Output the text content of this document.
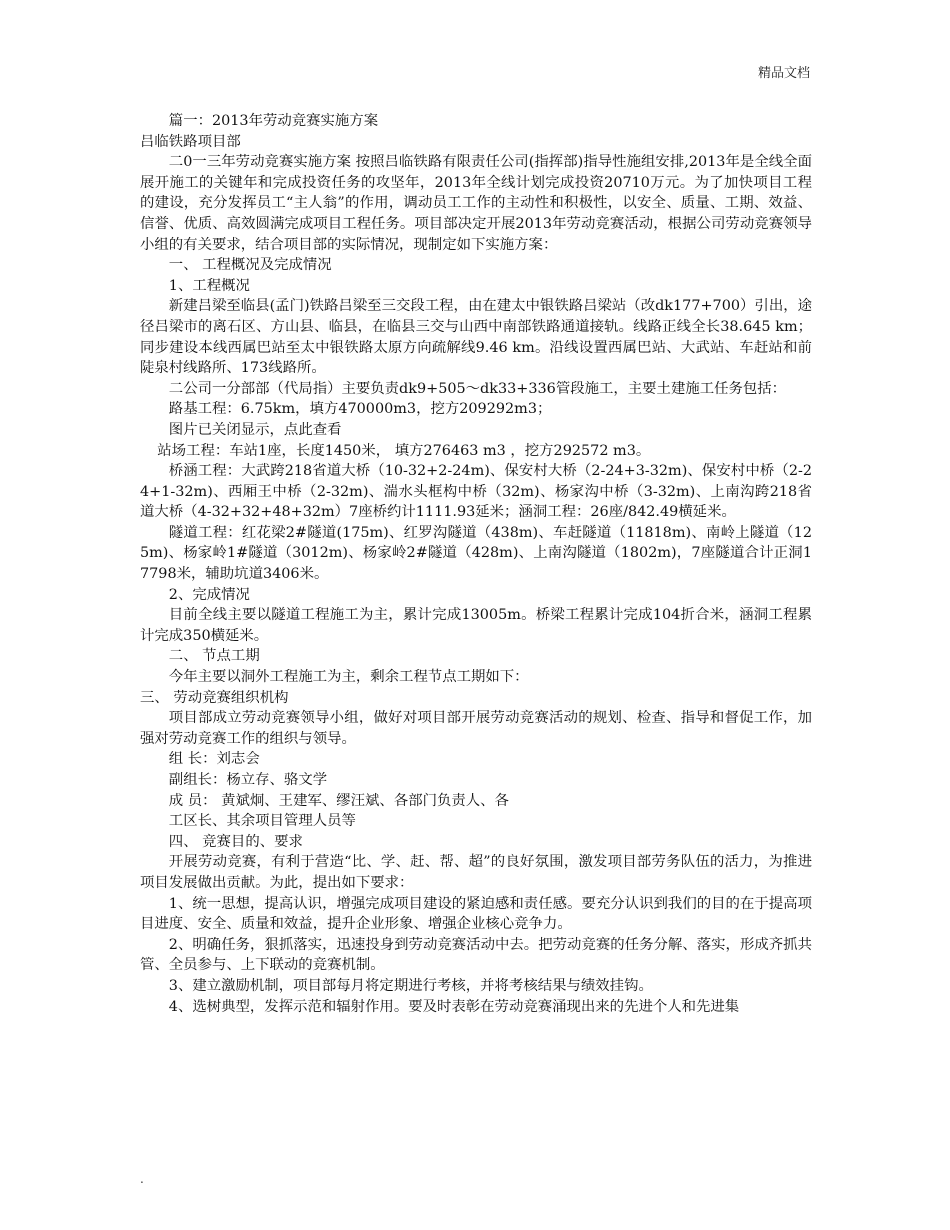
精品文档

篇一：2013年劳动竞赛实施方案

吕临铁路项目部

二0一三年劳动竞赛实施方案 按照吕临铁路有限责任公司(指挥部)指导性施组安排,2013年是全线全面展开施工的关键年和完成投资任务的攻坚年，2013年全线计划完成投资20710万元。为了加快项目工程的建设，充分发挥员工“主人翁”的作用，调动员工工作的主动性和积极性，以安全、质量、工期、效益、信誉、优质、高效圆满完成项目工程任务。项目部决定开展2013年劳动竞赛活动，根据公司劳动竞赛领导小组的有关要求，结合项目部的实际情况，现制定如下实施方案：

一、 工程概况及完成情况

1、工程概况

新建吕梁至临县(孟门)铁路吕梁至三交段工程，由在建太中银铁路吕梁站（改dk177+700）引出，途径吕梁市的离石区、方山县、临县，在临县三交与山西中南部铁路通道接轨。线路正线全长38.645 km；同步建设本线西属巴站至太中银铁路太原方向疏解线9.46 km。沿线设置西属巴站、大武站、车赶站和前陡泉村线路所、173线路所。

二公司一分部部（代局指）主要负责dk9+505～dk33+336管段施工，主要土建施工任务包括：

路基工程：6.75km，填方470000m3，挖方209292m3；

图片已关闭显示，点此查看

站场工程：车站1座，长度1450米， 填方276463 m3 ，挖方292572 m3。

桥涵工程：大武跨218省道大桥（10-32+2-24m)、保安村大桥（2-24+3-32m)、保安村中桥（2-24+1-32m)、西厢王中桥（2-32m)、湍水头框构中桥（32m)、杨家沟中桥（3-32m)、上南沟跨218省道大桥（4-32+32+48+32m）7座桥约计1111.93延米；涵洞工程：26座/842.49横延米。

隧道工程：红花梁2#隧道(175m)、红罗沟隧道（438m)、车赶隧道（11818m)、南岭上隧道（125m)、杨家岭1#隧道（3012m)、杨家岭2#隧道（428m)、上南沟隧道（1802m)，7座隧道合计正洞17798米，辅助坑道3406米。

2、完成情况

目前全线主要以隧道工程施工为主，累计完成13005m。桥梁工程累计完成104折合米，涵洞工程累计完成350横延米。

二、 节点工期

今年主要以洞外工程施工为主，剩余工程节点工期如下：

三、 劳动竞赛组织机构

项目部成立劳动竞赛领导小组，做好对项目部开展劳动竞赛活动的规划、检查、指导和督促工作，加强对劳动竞赛工作的组织与领导。

组 长：刘志会

副组长：杨立存、骆文学

成 员： 黄斌炯、王建军、缪汪斌、各部门负责人、各

工区长、其余项目管理人员等

四、 竞赛目的、要求

开展劳动竞赛，有利于营造“比、学、赶、帮、超”的良好氛围，激发项目部劳务队伍的活力，为推进项目发展做出贡献。为此，提出如下要求：

1、统一思想，提高认识，增强完成项目建设的紧迫感和责任感。要充分认识到我们的目的在于提高项目进度、安全、质量和效益，提升企业形象、增强企业核心竞争力。

2、明确任务，狠抓落实，迅速投身到劳动竞赛活动中去。把劳动竞赛的任务分解、落实，形成齐抓共管、全员参与、上下联动的竞赛机制。

3、建立激励机制，项目部每月将定期进行考核，并将考核结果与绩效挂钩。

4、选树典型，发挥示范和辐射作用。要及时表彰在劳动竞赛涌现出来的先进个人和先进集

.
